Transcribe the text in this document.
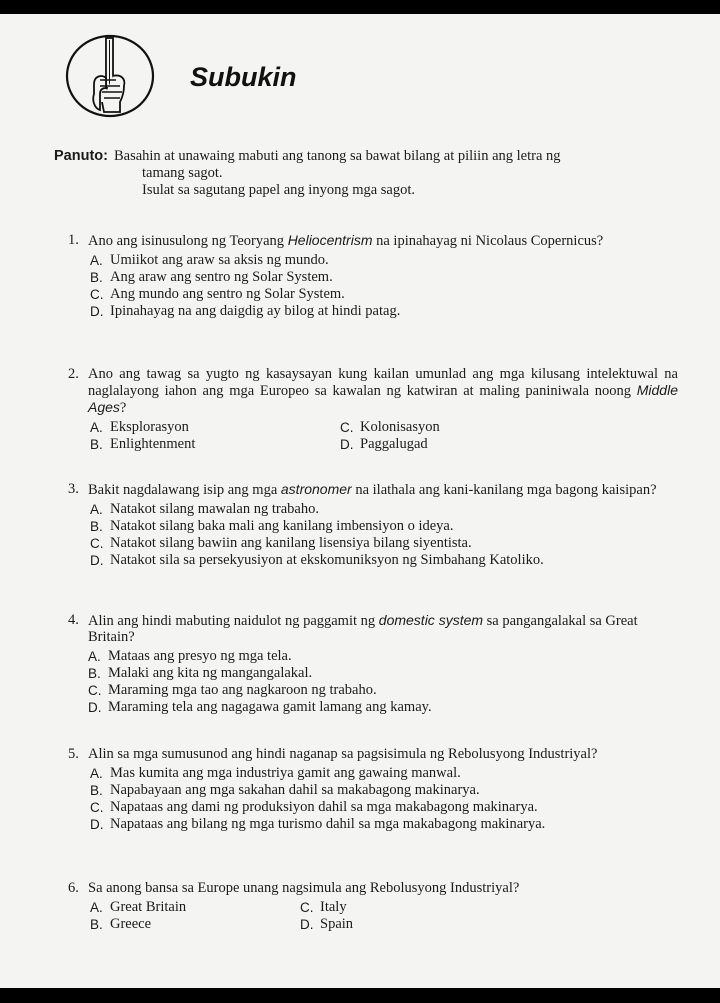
Subukin
Panuto: Basahin at unawaing mabuti ang tanong sa bawat bilang at piliin ang letra ng
tamang sagot.
Isulat sa sagutang papel ang inyong mga sagot.
1. Ano ang isinusulong ng Teoryang Heliocentrism na ipinahayag ni Nicolaus Copernicus?
A. Umiikot ang araw sa aksis ng mundo.
B. Ang araw ang sentro ng Solar System.
C. Ang mundo ang sentro ng Solar System.
D. Ipinahayag na ang daigdig ay bilog at hindi patag.
2. Ano ang tawag sa yugto ng kasaysayan kung kailan umunlad ang mga kilusang intelektuwal na naglalayong iahon ang mga Europeo sa kawalan ng katwiran at maling paniniwala noong Middle Ages?
A. Eksplorasyon	C. Kolonisasyon
B. Enlightenment	D. Paggalugad
3. Bakit nagdalawang isip ang mga astronomer na ilathala ang kani-kanilang mga bagong kaisipan?
A. Natakot silang mawalan ng trabaho.
B. Natakot silang baka mali ang kanilang imbensiyon o ideya.
C. Natakot silang bawiin ang kanilang lisensiya bilang siyentista.
D. Natakot sila sa persekyusiyon at ekskomuniksyon ng Simbahang Katoliko.
4. Alin ang hindi mabuting naidulot ng paggamit ng domestic system sa pangangalakal sa Great Britain?
A. Mataas ang presyo ng mga tela.
B. Malaki ang kita ng mangangalakal.
C. Maraming mga tao ang nagkaroon ng trabaho.
D. Maraming tela ang nagagawa gamit lamang ang kamay.
5. Alin sa mga sumusunod ang hindi naganap sa pagsisimula ng Rebolusyong Industriyal?
A. Mas kumita ang mga industriya gamit ang gawaing manwal.
B. Napabayaan ang mga sakahan dahil sa makabagong makinarya.
C. Napataas ang dami ng produksiyon dahil sa mga makabagong makinarya.
D. Napataas ang bilang ng mga turismo dahil sa mga makabagong makinarya.
6. Sa anong bansa sa Europe unang nagsimula ang Rebolusyong Industriyal?
A. Great Britain	C. Italy
B. Greece	D. Spain
